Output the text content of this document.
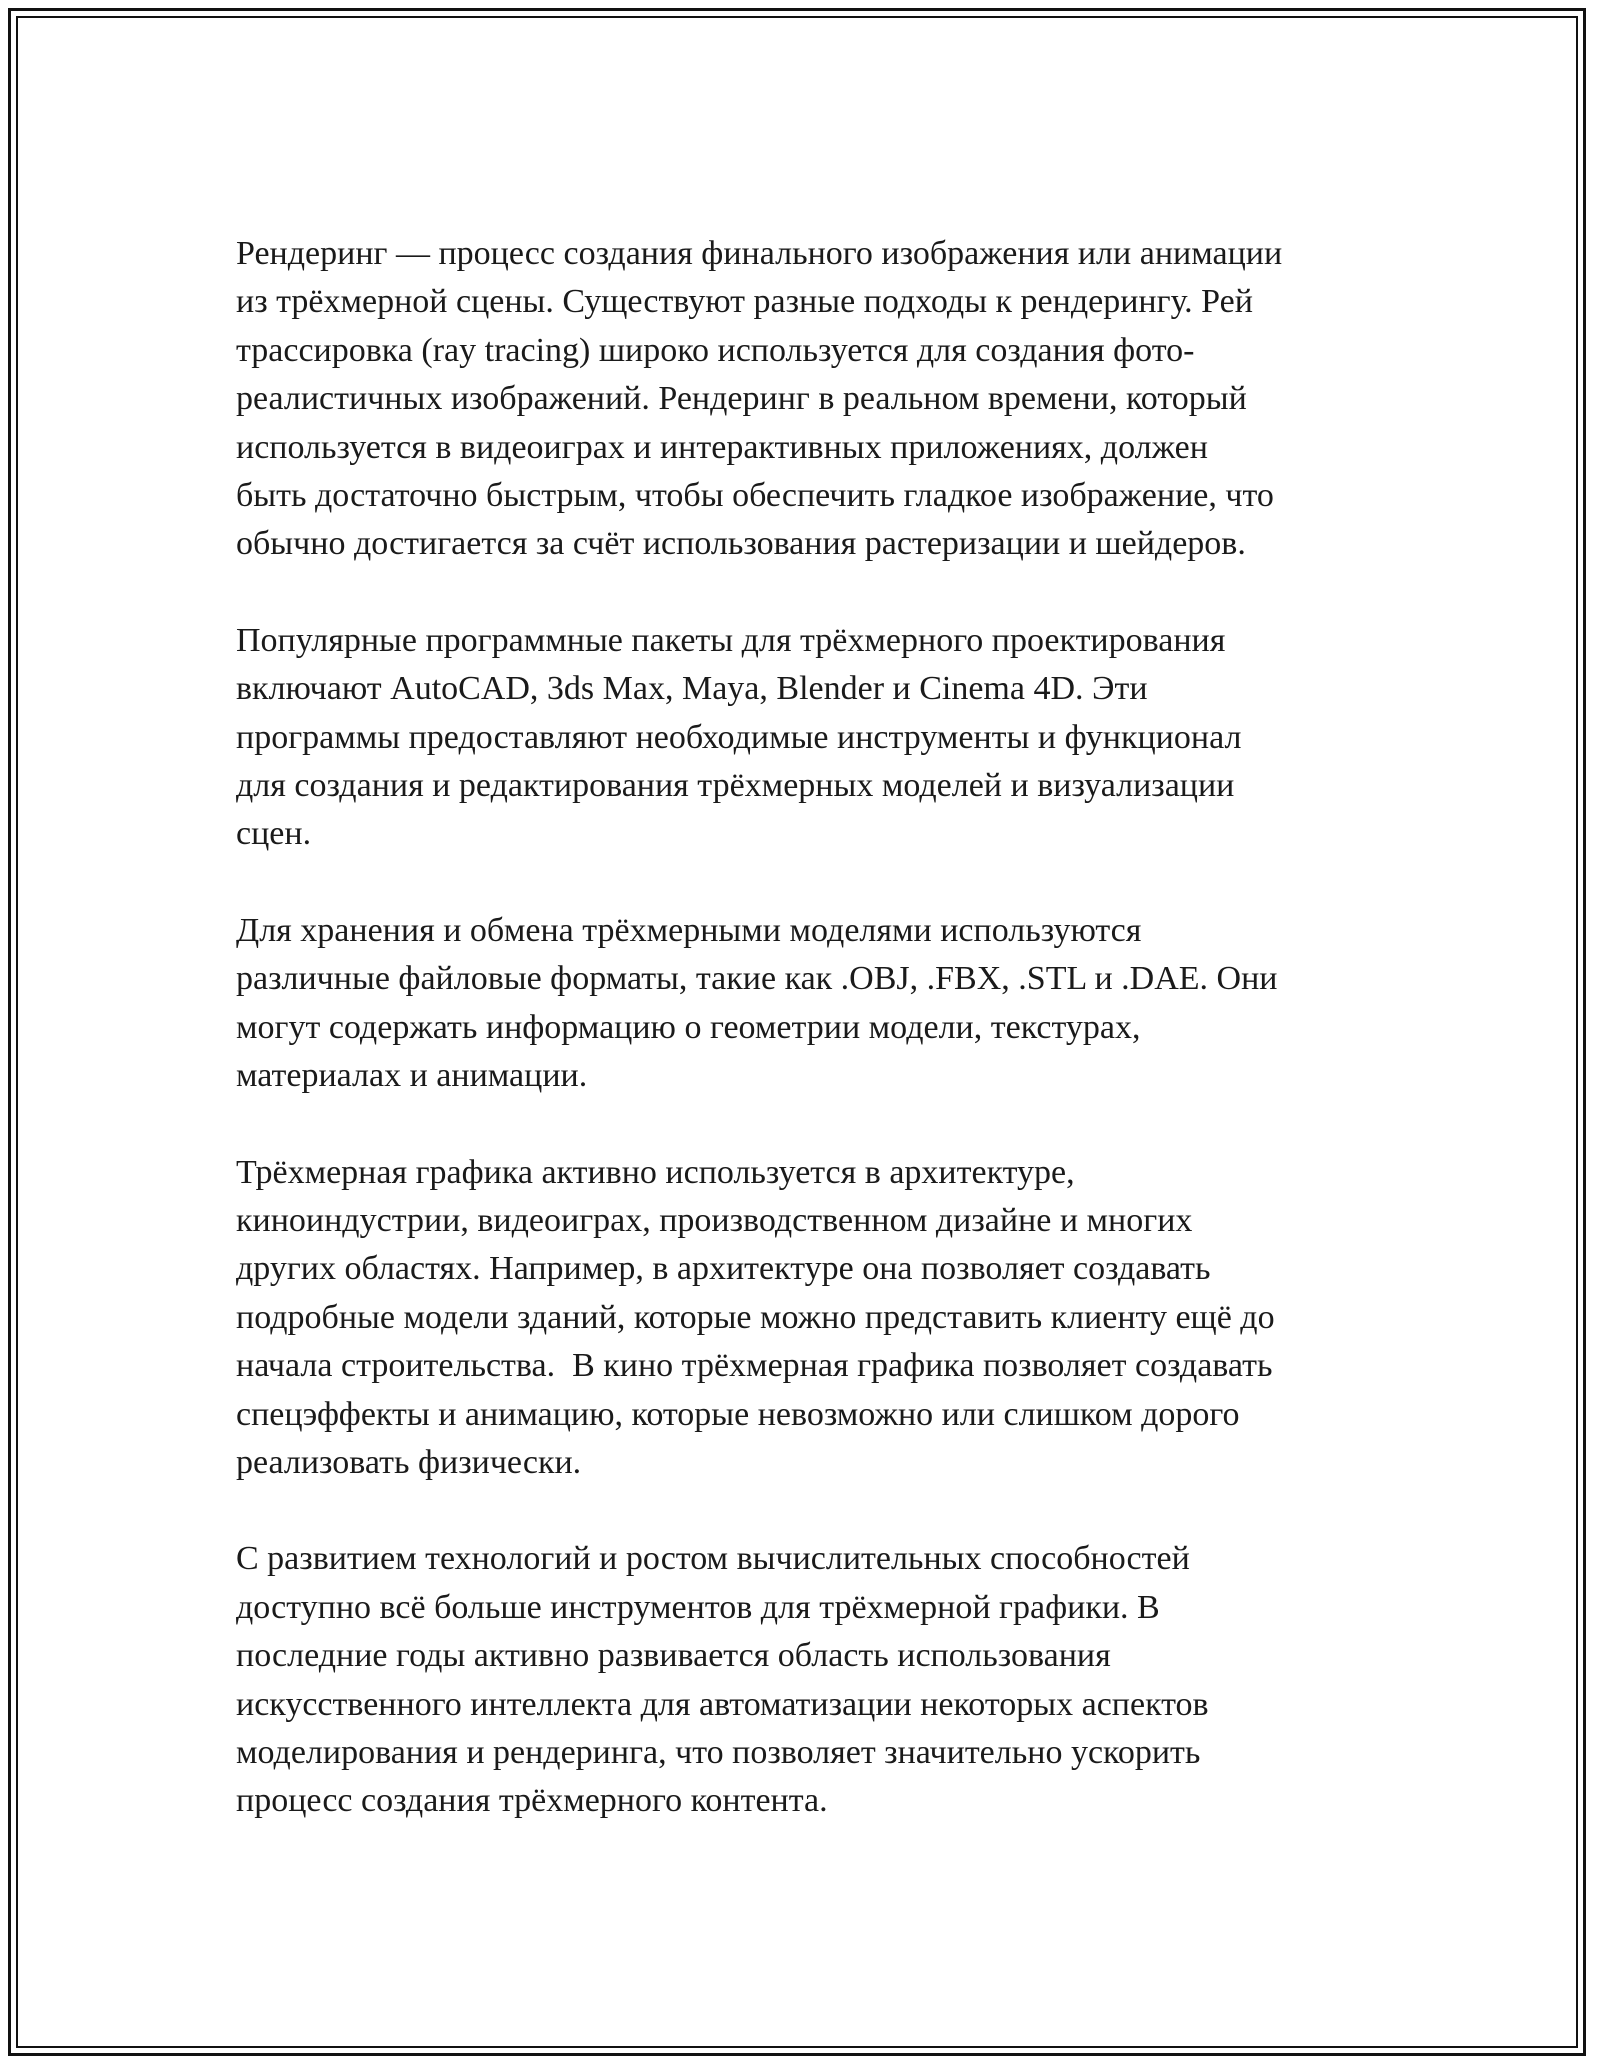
Рендеринг — процесс создания финального изображения или анимации
из трёхмерной сцены. Существуют разные подходы к рендерингу. Рей
трассировка (ray tracing) широко используется для создания фото-
реалистичных изображений. Рендеринг в реальном времени, который
используется в видеоиграх и интерактивных приложениях, должен
быть достаточно быстрым, чтобы обеспечить гладкое изображение, что
обычно достигается за счёт использования растеризации и шейдеров.

Популярные программные пакеты для трёхмерного проектирования
включают AutoCAD, 3ds Max, Maya, Blender и Cinema 4D. Эти
программы предоставляют необходимые инструменты и функционал
для создания и редактирования трёхмерных моделей и визуализации
сцен.

Для хранения и обмена трёхмерными моделями используются
различные файловые форматы, такие как .OBJ, .FBX, .STL и .DAE. Они
могут содержать информацию о геометрии модели, текстурах,
материалах и анимации.

Трёхмерная графика активно используется в архитектуре,
киноиндустрии, видеоиграх, производственном дизайне и многих
других областях. Например, в архитектуре она позволяет создавать
подробные модели зданий, которые можно представить клиенту ещё до
начала строительства.  В кино трёхмерная графика позволяет создавать
спецэффекты и анимацию, которые невозможно или слишком дорого
реализовать физически.

С развитием технологий и ростом вычислительных способностей
доступно всё больше инструментов для трёхмерной графики. В
последние годы активно развивается область использования
искусственного интеллекта для автоматизации некоторых аспектов
моделирования и рендеринга, что позволяет значительно ускорить
процесс создания трёхмерного контента.
